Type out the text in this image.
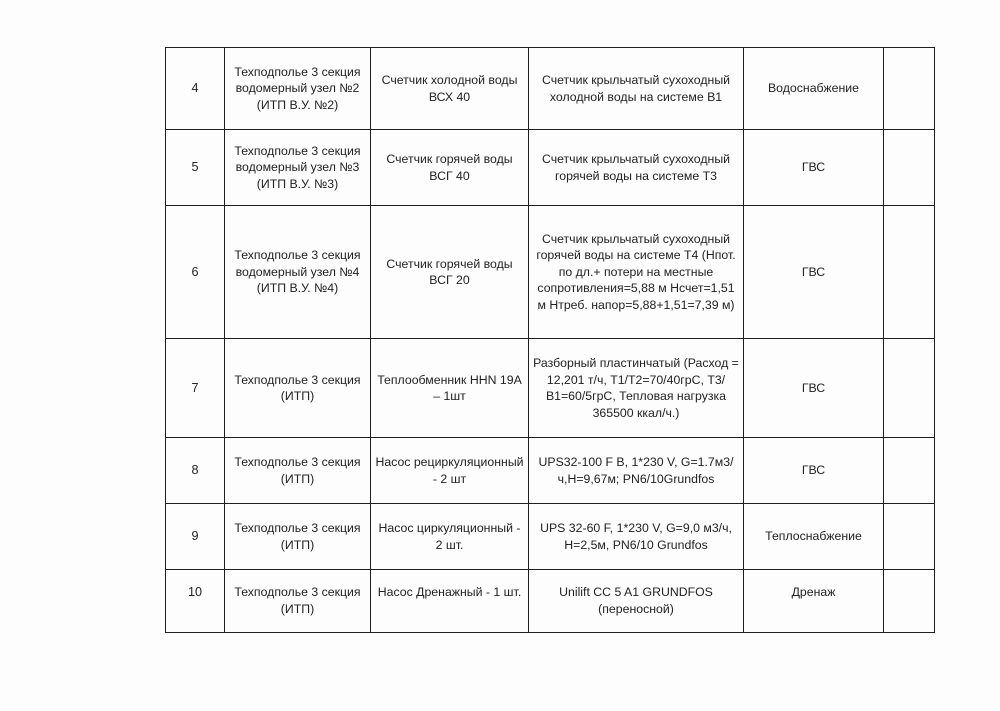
4	Техподполье 3 секция водомерный узел №2 (ИТП В.У. №2)	Счетчик холодной воды ВСХ 40	Счетчик крыльчатый сухоходный холодной воды на системе В1	Водоснабжение	
5	Техподполье 3 секция водомерный узел №3 (ИТП В.У. №3)	Счетчик горячей воды ВСГ 40	Счетчик крыльчатый сухоходный горячей воды на системе Т3	ГВС	
6	Техподполье 3 секция водомерный узел №4 (ИТП В.У. №4)	Счетчик горячей воды ВСГ 20	Счетчик крыльчатый сухоходный горячей воды на системе Т4 (Нпот. по дл.+ потери на местные сопротивления=5,88 м Нсчет=1,51 м Нтреб. напор=5,88+1,51=7,39 м)	ГВС	
7	Техподполье 3 секция (ИТП)	Теплообменник HHN 19A – 1шт	Разборный пластинчатый (Расход = 12,201 т/ч, Т1/Т2=70/40грС, Т3/В1=60/5грС, Тепловая нагрузка 365500 ккал/ч.)	ГВС	
8	Техподполье 3 секция (ИТП)	Насос рециркуляционный - 2 шт	UPS32-100 F B, 1*230 V, G=1.7м3/ч,Н=9,67м; PN6/10Grundfos	ГВС	
9	Техподполье 3 секция (ИТП)	Насос циркуляционный - 2 шт.	UPS 32-60 F, 1*230 V, G=9,0 м3/ч, Н=2,5м, PN6/10 Grundfos	Теплоснабжение	
10	Техподполье 3 секция (ИТП)	Насос Дренажный - 1 шт.	Unilift CC 5 A1 GRUNDFOS (переносной)	Дренаж	
